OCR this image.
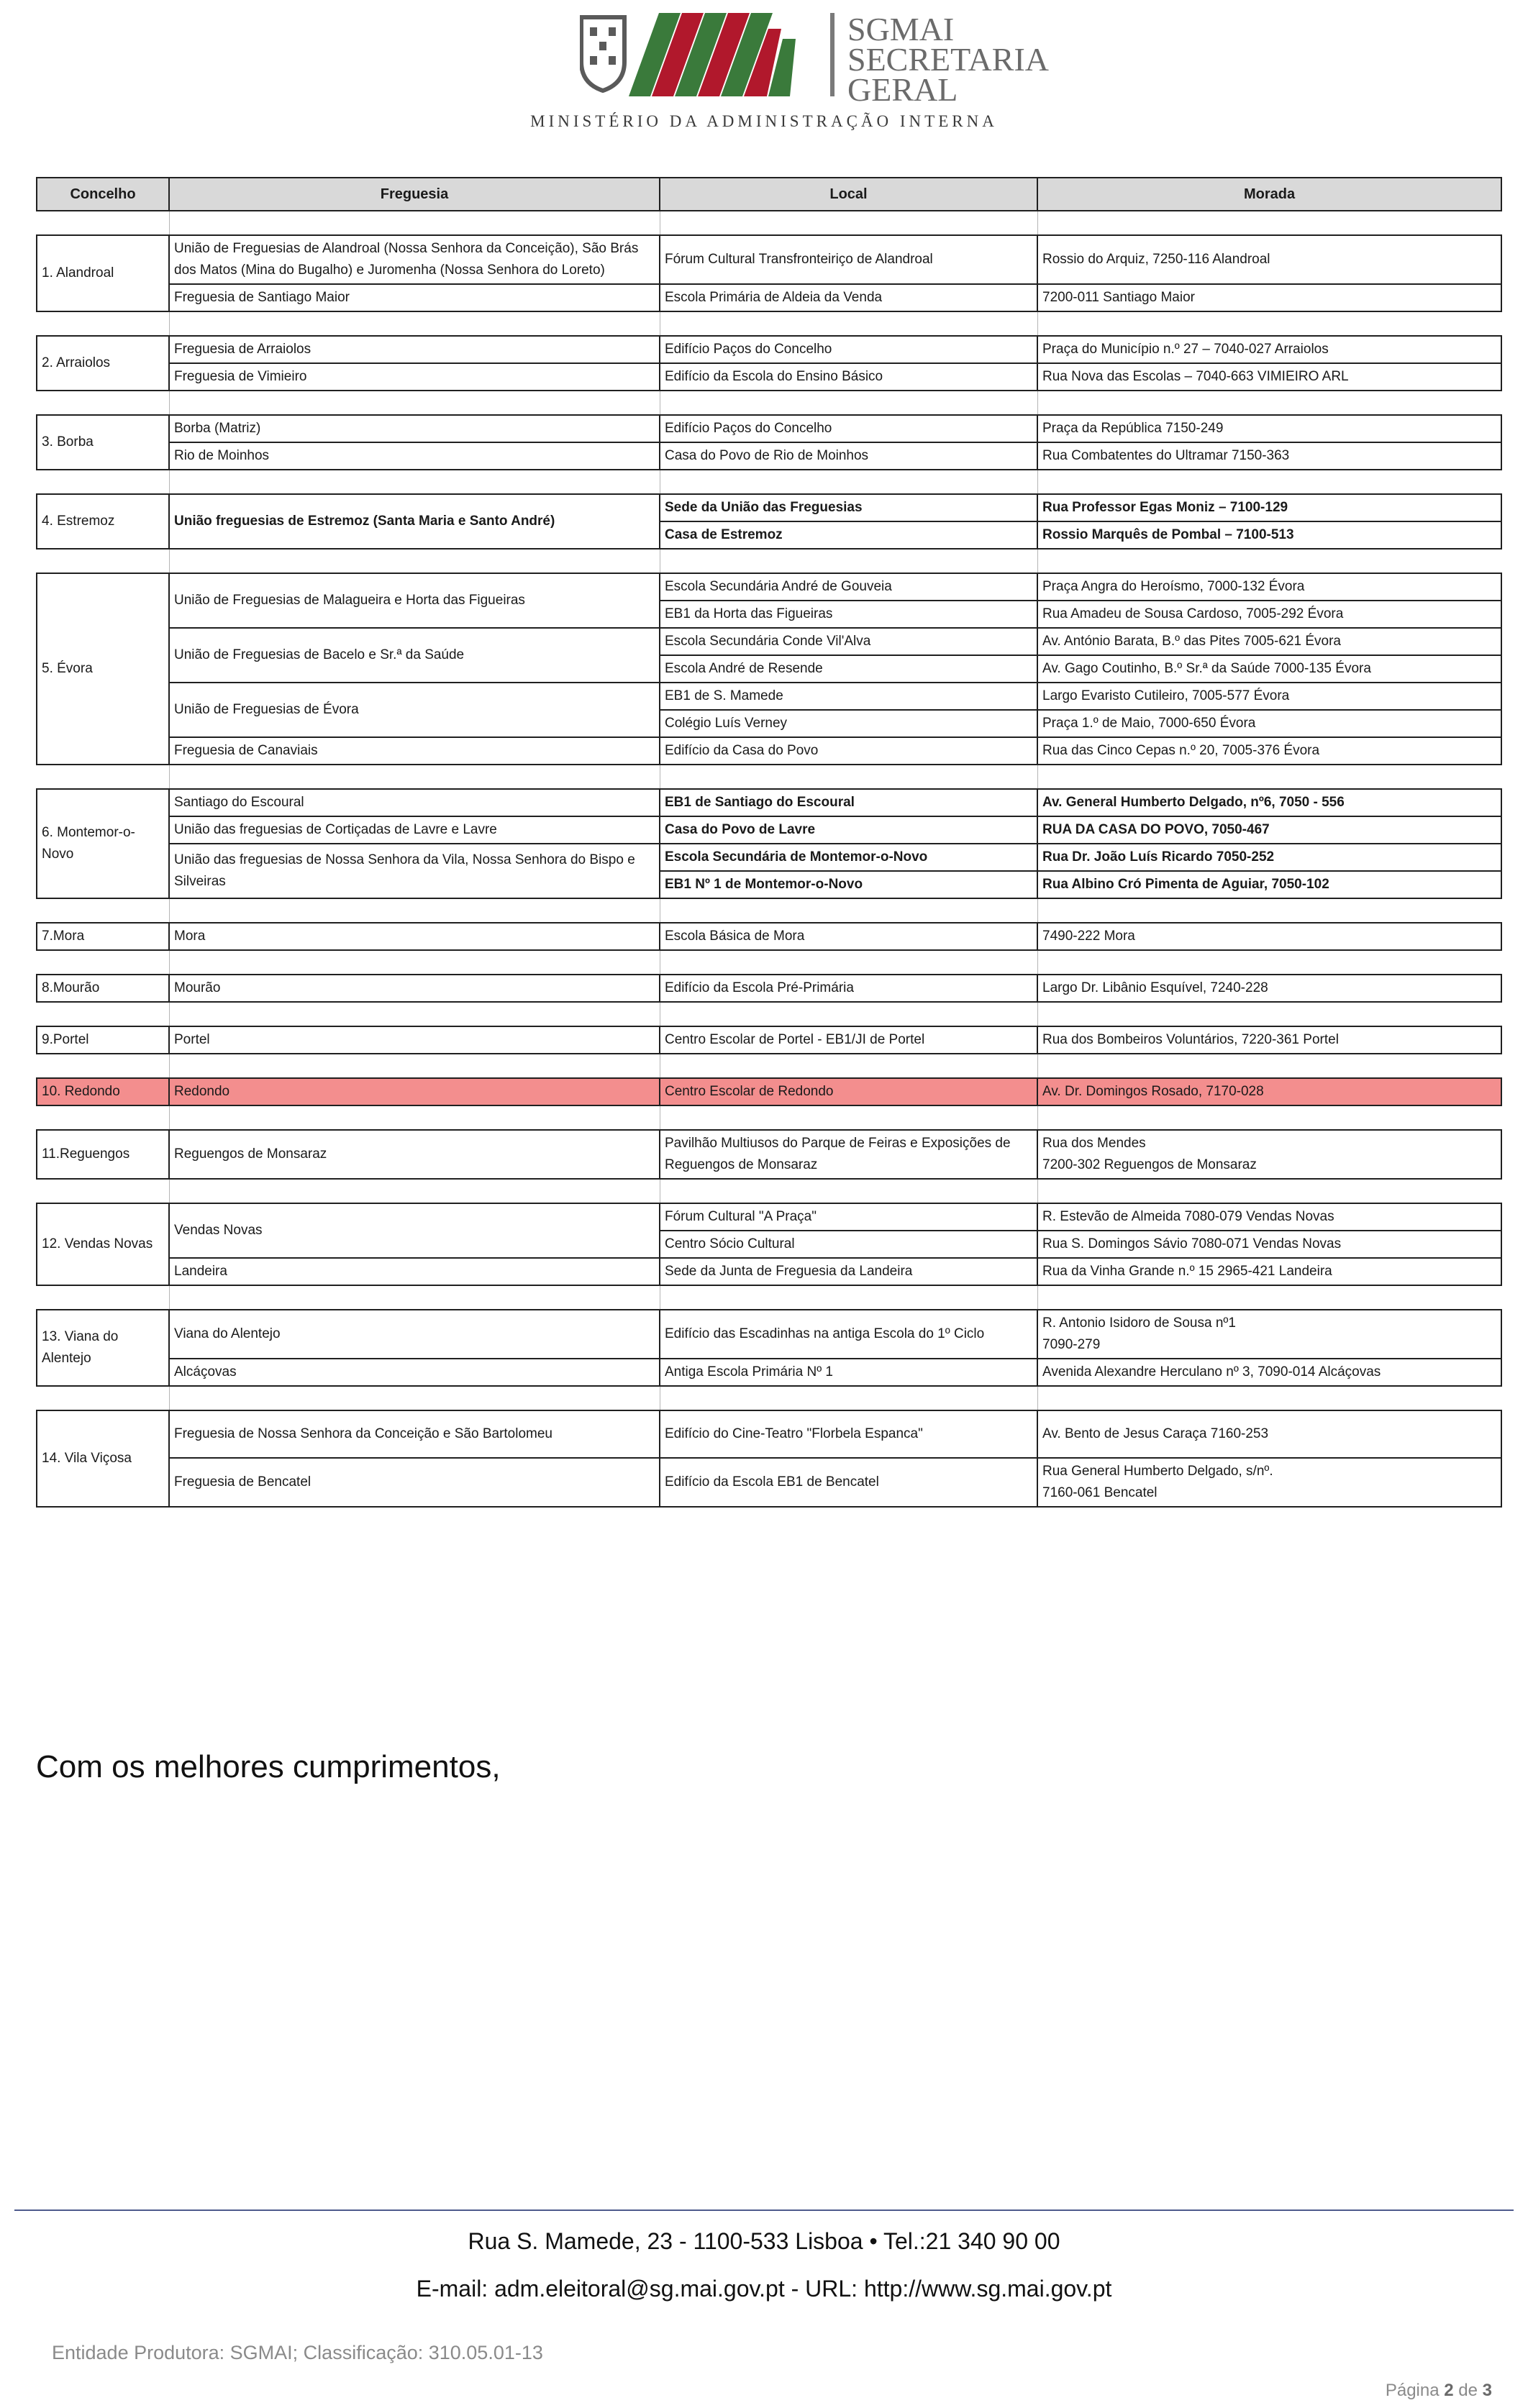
SGMAI
SECRETARIA
GERAL
MINISTÉRIO DA ADMINISTRAÇÃO INTERNA
Concelho	Freguesia	Local	Morada

1. Alandroal	União de Freguesias de Alandroal (Nossa Senhora da Conceição), São Brás dos Matos (Mina do Bugalho) e Juromenha (Nossa Senhora do Loreto)	Fórum Cultural Transfronteiriço de Alandroal	Rossio do Arquiz, 7250-116 Alandroal
	Freguesia de Santiago Maior	Escola Primária de Aldeia da Venda	7200-011 Santiago Maior

2. Arraiolos	Freguesia de Arraiolos	Edifício Paços do Concelho	Praça do Município n.º 27 – 7040-027 Arraiolos
	Freguesia de Vimieiro	Edifício da Escola do Ensino Básico	Rua Nova das Escolas – 7040-663 VIMIEIRO ARL

3. Borba	Borba (Matriz)	Edifício Paços do Concelho	Praça da República 7150-249
	Rio de Moinhos	Casa do Povo de Rio de Moinhos	Rua Combatentes do Ultramar 7150-363

4. Estremoz	União freguesias de Estremoz (Santa Maria e Santo André)	Sede da União das Freguesias	Rua Professor Egas Moniz – 7100-129
		Casa de Estremoz	Rossio Marquês de Pombal – 7100-513

5. Évora	União de Freguesias de Malagueira e Horta das Figueiras	Escola Secundária André de Gouveia	Praça Angra do Heroísmo, 7000-132 Évora
		EB1 da Horta das Figueiras	Rua Amadeu de Sousa Cardoso, 7005-292 Évora
	União de Freguesias de Bacelo e Sr.ª da Saúde	Escola Secundária Conde Vil'Alva	Av. António Barata, B.º das Pites 7005-621 Évora
		Escola André de Resende	Av. Gago Coutinho, B.º Sr.ª da Saúde 7000-135 Évora
	União de Freguesias de Évora	EB1 de S. Mamede	Largo Evaristo Cutileiro, 7005-577 Évora
		Colégio Luís Verney	Praça 1.º de Maio, 7000-650 Évora
	Freguesia de Canaviais	Edifício da Casa do Povo	Rua das Cinco Cepas n.º 20, 7005-376 Évora

6. Montemor-o-Novo	Santiago do Escoural	EB1 de Santiago do Escoural	Av. General Humberto Delgado, nº6, 7050 - 556
	União das freguesias de Cortiçadas de Lavre e Lavre	Casa do Povo de Lavre	RUA DA CASA DO POVO, 7050-467
	União das freguesias de Nossa Senhora da Vila, Nossa Senhora do Bispo e Silveiras	Escola Secundária de Montemor-o-Novo	Rua Dr. João Luís Ricardo 7050-252
		EB1 Nº 1 de Montemor-o-Novo	Rua Albino Cró Pimenta de Aguiar, 7050-102

7.Mora	Mora	Escola Básica de Mora	7490-222 Mora

8.Mourão	Mourão	Edifício da Escola Pré-Primária	Largo Dr. Libânio Esquível, 7240-228

9.Portel	Portel	Centro Escolar de Portel - EB1/JI de Portel	Rua dos Bombeiros Voluntários, 7220-361 Portel

10. Redondo	Redondo	Centro Escolar de Redondo	Av. Dr. Domingos Rosado, 7170-028

11.Reguengos	Reguengos de Monsaraz	Pavilhão Multiusos do Parque de Feiras e Exposições de Reguengos de Monsaraz	Rua dos Mendes
7200-302 Reguengos de Monsaraz

12. Vendas Novas	Vendas Novas	Fórum Cultural "A Praça"	R. Estevão de Almeida 7080-079 Vendas Novas
		Centro Sócio Cultural	Rua S. Domingos Sávio 7080-071 Vendas Novas
	Landeira	Sede da Junta de Freguesia da Landeira	Rua da Vinha Grande n.º 15 2965-421 Landeira

13. Viana do Alentejo	Viana do Alentejo	Edifício das Escadinhas na antiga Escola do 1º Ciclo	R. Antonio Isidoro de Sousa nº1
7090-279

	Alcáçovas	Antiga Escola Primária Nº 1	Avenida Alexandre Herculano nº 3, 7090-014 Alcáçovas

14. Vila Viçosa	Freguesia de Nossa Senhora da Conceição e São Bartolomeu	Edifício do Cine-Teatro "Florbela Espanca"	Av. Bento de Jesus Caraça 7160-253
	Freguesia de Bencatel	Edifício da Escola EB1 de Bencatel	Rua General Humberto Delgado, s/nº.
7160-061 Bencatel
Com os melhores cumprimentos,
Rua S. Mamede, 23 - 1100-533 Lisboa • Tel.:21 340 90 00
E-mail: adm.eleitoral@sg.mai.gov.pt - URL: http://www.sg.mai.gov.pt
Entidade Produtora: SGMAI; Classificação: 310.05.01-13
Página 2 de 3
